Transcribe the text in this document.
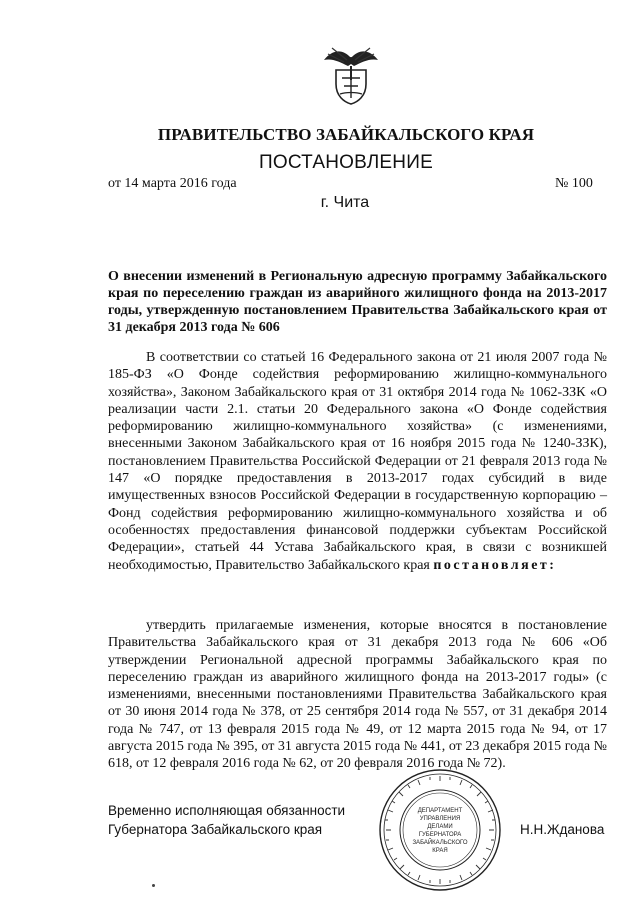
ПРАВИТЕЛЬСТВО ЗАБАЙКАЛЬСКОГО КРАЯ
ПОСТАНОВЛЕНИЕ
от 14 марта 2016 года	№ 100
г. Чита

О внесении изменений в Региональную адресную программу Забайкальского края по переселению граждан из аварийного жилищного фонда на 2013-2017 годы, утвержденную постановлением Правительства Забайкальского края от 31 декабря 2013 года № 606

В соответствии со статьей 16 Федерального закона от 21 июля 2007 года № 185-ФЗ «О Фонде содействия реформированию жилищно-коммунального хозяйства», Законом Забайкальского края от 31 октября 2014 года № 1062-ЗЗК «О реализации части 2.1. статьи 20 Федерального закона «О Фонде содействия реформированию жилищно-коммунального хозяйства» (с изменениями, внесенными Законом Забайкальского края от 16 ноября 2015 года № 1240-ЗЗК), постановлением Правительства Российской Федерации от 21 февраля 2013 года № 147 «О порядке предоставления в 2013-2017 годах субсидий в виде имущественных взносов Российской Федерации в государственную корпорацию – Фонд содействия реформированию жилищно-коммунального хозяйства и об особенностях предоставления финансовой поддержки субъектам Российской Федерации», статьей 44 Устава Забайкальского края, в связи с возникшей необходимостью, Правительство Забайкальского края постановляет:

утвердить прилагаемые изменения, которые вносятся в постановление Правительства Забайкальского края от 31 декабря 2013 года № 606 «Об утверждении Региональной адресной программы Забайкальского края по переселению граждан из аварийного жилищного фонда на 2013-2017 годы» (с изменениями, внесенными постановлениями Правительства Забайкальского края от 30 июня 2014 года № 378, от 25 сентября 2014 года № 557, от 31 декабря 2014 года № 747, от 13 февраля 2015 года № 49, от 12 марта 2015 года № 94, от 17 августа 2015 года № 395, от 31 августа 2015 года № 441, от 23 декабря 2015 года № 618, от 12 февраля 2016 года № 62, от 20 февраля 2016 года № 72).

Временно исполняющая обязанности
Губернатора Забайкальского края	Н.Н.Жданова
ДЕПАРТАМЕНТ
УПРАВЛЕНИЯ
ДЕЛАМИ
ГУБЕРНАТОРА
ЗАБАЙКАЛЬСКОГО
КРАЯ
